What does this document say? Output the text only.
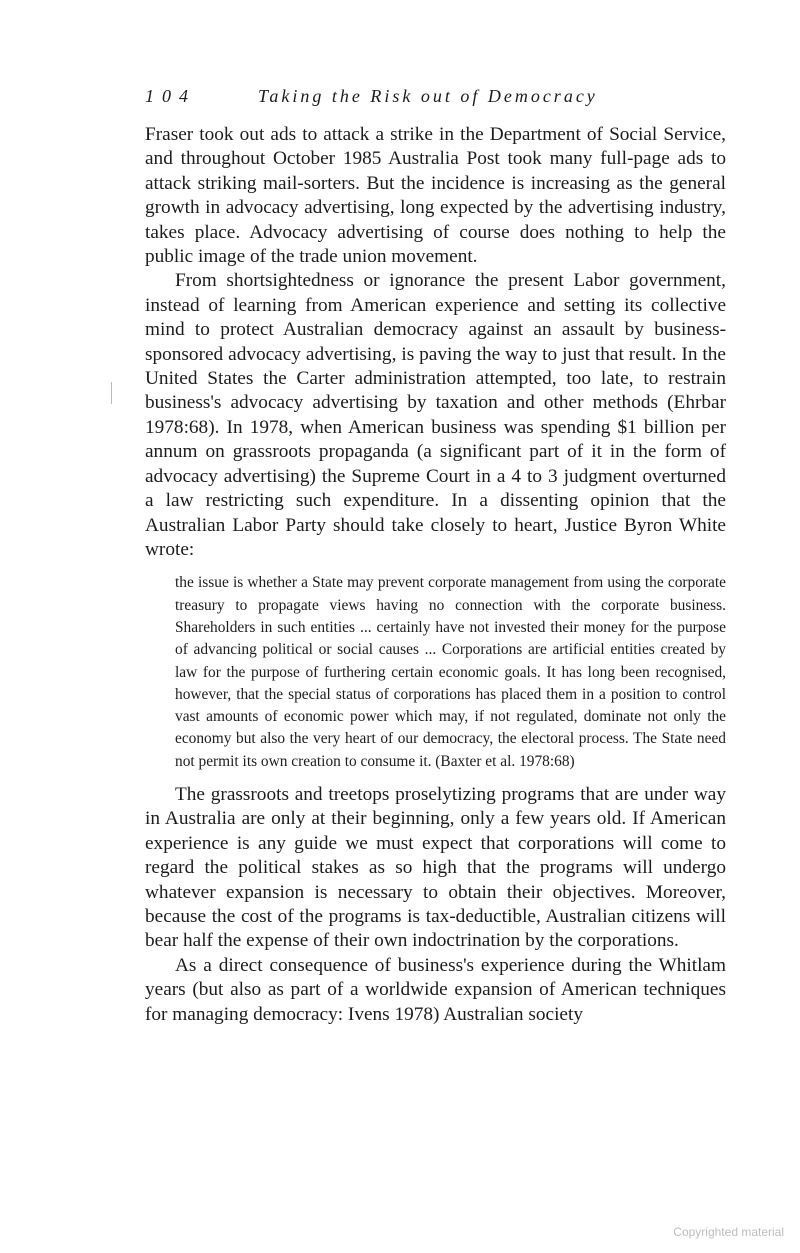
104	Taking the Risk out of Democracy

Fraser took out ads to attack a strike in the Department of Social Service, and throughout October 1985 Australia Post took many full-page ads to attack striking mail-sorters. But the incidence is increasing as the general growth in advocacy advertising, long expected by the advertising industry, takes place. Advocacy advertising of course does nothing to help the public image of the trade union movement.

From shortsightedness or ignorance the present Labor government, instead of learning from American experience and setting its collective mind to protect Australian democracy against an assault by business-sponsored advocacy advertising, is paving the way to just that result. In the United States the Carter administration attempted, too late, to restrain business's advocacy advertising by taxation and other methods (Ehrbar 1978:68). In 1978, when American business was spending $1 billion per annum on grassroots propaganda (a significant part of it in the form of advocacy advertising) the Supreme Court in a 4 to 3 judgment overturned a law restricting such expenditure. In a dissenting opinion that the Australian Labor Party should take closely to heart, Justice Byron White wrote:

the issue is whether a State may prevent corporate management from using the corporate treasury to propagate views having no connection with the corporate business. Shareholders in such entities ... certainly have not invested their money for the purpose of advancing political or social causes ... Corporations are artificial entities created by law for the purpose of furthering certain economic goals. It has long been recognised, however, that the special status of corporations has placed them in a position to control vast amounts of economic power which may, if not regulated, dominate not only the economy but also the very heart of our democracy, the electoral process. The State need not permit its own creation to consume it. (Baxter et al. 1978:68)

The grassroots and treetops proselytizing programs that are under way in Australia are only at their beginning, only a few years old. If American experience is any guide we must expect that corporations will come to regard the political stakes as so high that the programs will undergo whatever expansion is necessary to obtain their objectives. Moreover, because the cost of the programs is tax-deductible, Australian citizens will bear half the expense of their own indoctrination by the corporations.

As a direct consequence of business's experience during the Whitlam years (but also as part of a worldwide expansion of American techniques for managing democracy: Ivens 1978) Australian society

Copyrighted material
